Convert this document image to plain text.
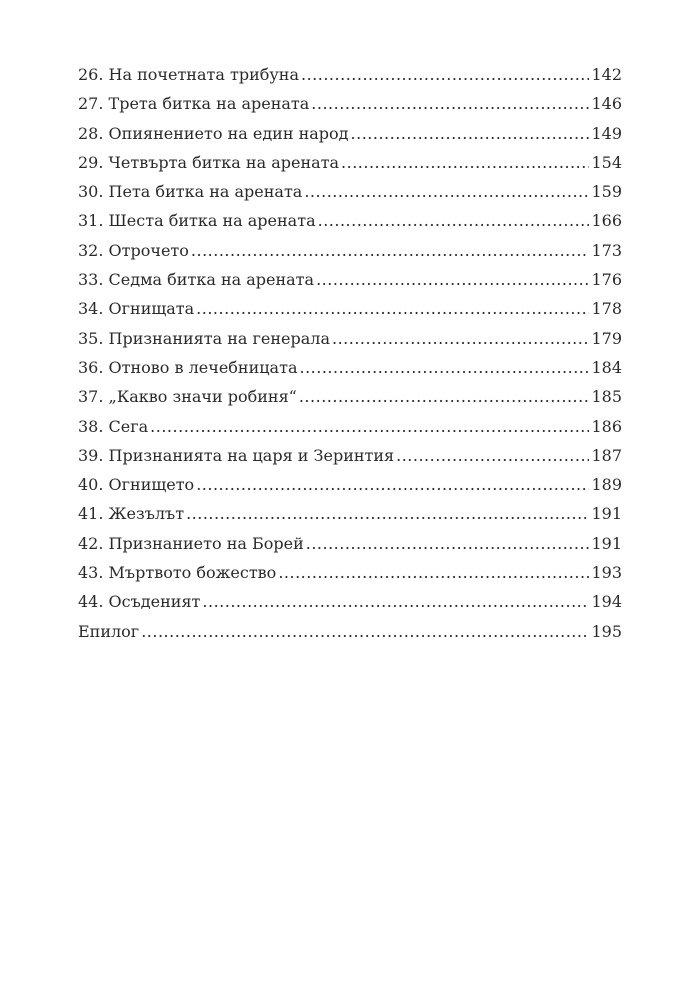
26. На почетната трибуна .....	142
27. Трета битка на арената .....	146
28. Опиянението на един народ .....	149
29. Четвърта битка на арената .....	154
30. Пета битка на арената .....	159
31. Шеста битка на арената .....	166
32. Отрочето .....	173
33. Седма битка на арената .....	176
34. Огнищата .....	178
35. Признанията на генерала .....	179
36. Отново в лечебницата .....	184
37. „Какво значи робиня“ .....	185
38. Сега .....	186
39. Признанията на царя и Зеринтия .....	187
40. Огнището .....	189
41. Жезълът .....	191
42. Признанието на Борей .....	191
43. Мъртвото божество .....	193
44. Осъденият .....	194
Епилог .....	195
